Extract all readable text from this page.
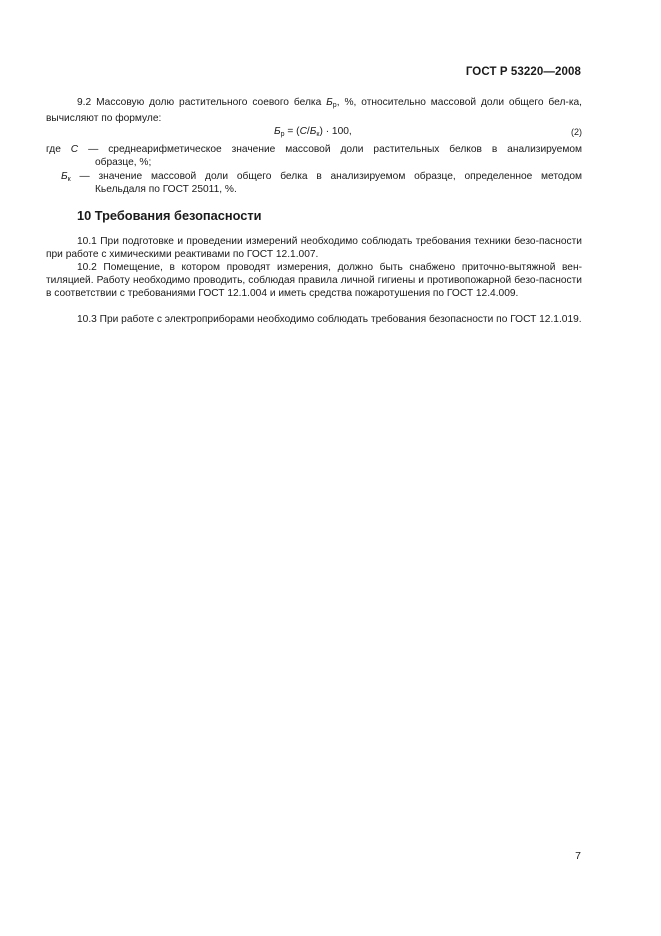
ГОСТ Р 53220—2008
9.2 Массовую долю растительного соевого белка $Б_р$, %, относительно массовой доли общего бел-ка, вычисляют по формуле:
$Б_р = (C/Б_к) \cdot 100$,	(2)
где C — среднеарифметическое значение массовой доли растительных белков в анализируемом
образце, %;
$Б_к$ — значение массовой доли общего белка в анализируемом образце, определенное методом
Кьельдаля по ГОСТ 25011, %.
10 Требования безопасности
10.1 При подготовке и проведении измерений необходимо соблюдать требования техники безо-пасности при работе с химическими реактивами по ГОСТ 12.1.007.
10.2 Помещение, в котором проводят измерения, должно быть снабжено приточно-вытяжной вен-тиляцией. Работу необходимо проводить, соблюдая правила личной гигиены и противопожарной безо-пасности в соответствии с требованиями ГОСТ 12.1.004 и иметь средства пожаротушения по ГОСТ 12.4.009.
10.3 При работе с электроприборами необходимо соблюдать требования безопасности по ГОСТ 12.1.019.
7
